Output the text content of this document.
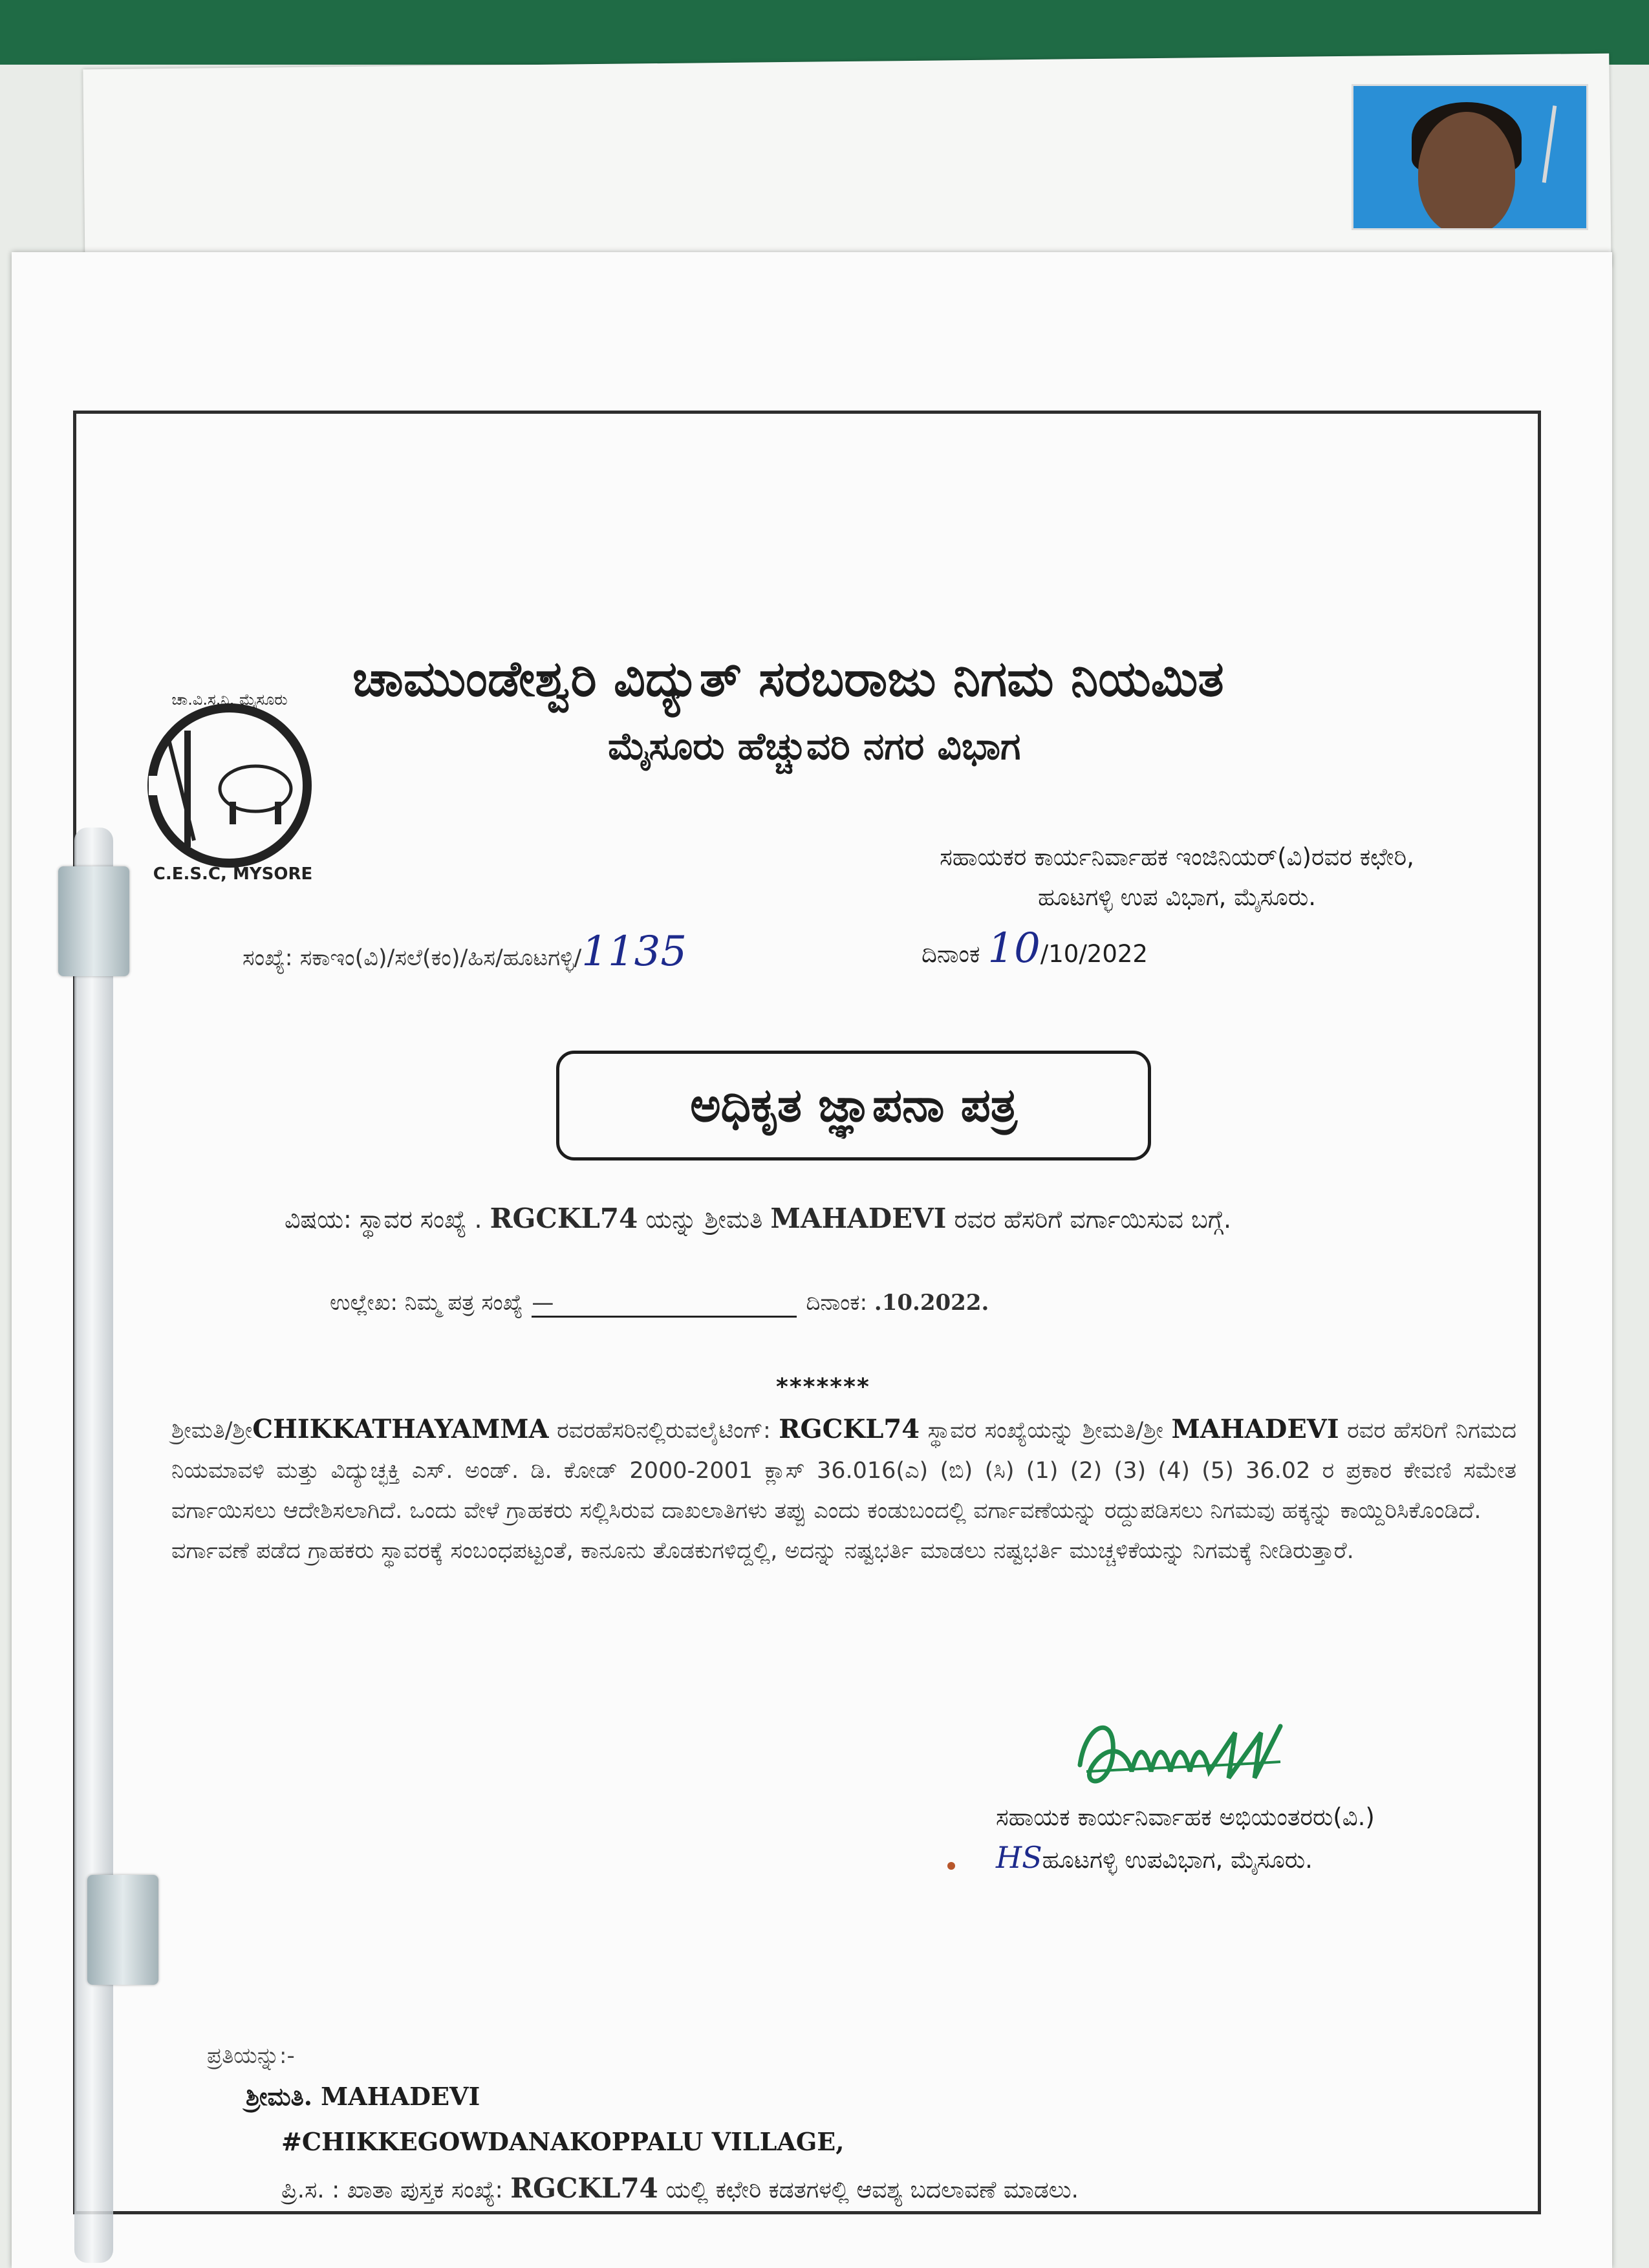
ಚಾ.ವಿ.ಸ.ನಿ. ಮೈಸೂರು
C.E.S.C, MYSORE
ಚಾಮುಂಡೇಶ್ವರಿ ವಿದ್ಯುತ್ ಸರಬರಾಜು ನಿಗಮ ನಿಯಮಿತ
ಮೈಸೂರು ಹೆಚ್ಚುವರಿ ನಗರ ವಿಭಾಗ
ಸಹಾಯಕರ ಕಾರ್ಯನಿರ್ವಾಹಕ ಇಂಜಿನಿಯರ್(ವಿ)ರವರ ಕಛೇರಿ,
ಹೂಟಗಳ್ಳಿ ಉಪ ವಿಭಾಗ, ಮೈಸೂರು.
ಸಂಖ್ಯೆ: ಸಕಾಇಂ(ವಿ)/ಸಲೆ(ಕಂ)/ಹಿಸ/ಹೂಟಗಳ್ಳಿ/1135	ದಿನಾಂಕ 10/10/2022
ಅಧಿಕೃತ ಜ್ಞಾಪನಾ ಪತ್ರ
ವಿಷಯ: ಸ್ಥಾವರ ಸಂಖ್ಯೆ . RGCKL74 ಯನ್ನು ಶ್ರೀಮತಿ MAHADEVI ರವರ ಹೆಸರಿಗೆ ವರ್ಗಾಯಿಸುವ ಬಗ್ಗೆ.
ಉಲ್ಲೇಖ: ನಿಮ್ಮ ಪತ್ರ ಸಂಖ್ಯೆ —	ದಿನಾಂಕ: .10.2022.
*******

ಶ್ರೀಮತಿ/ಶ್ರೀCHIKKATHAYAMMA ರವರಹೆಸರಿನಲ್ಲಿರುವಲೈಟಿಂಗ್: RGCKL74 ಸ್ಥಾವರ ಸಂಖ್ಯೆಯನ್ನು ಶ್ರೀಮತಿ/ಶ್ರೀ MAHADEVI ರವರ ಹೆಸರಿಗೆ ನಿಗಮದ ನಿಯಮಾವಳಿ ಮತ್ತು ವಿದ್ಯುಚ್ಛಕ್ತಿ ಎಸ್. ಅಂಡ್. ಡಿ. ಕೋಡ್ 2000-2001 ಕ್ಲಾಸ್ 36.016(ಎ) (ಬಿ) (ಸಿ) (1) (2) (3) (4) (5) 36.02 ರ ಪ್ರಕಾರ ಕೇವಣಿ ಸಮೇತ ವರ್ಗಾಯಿಸಲು ಆದೇಶಿಸಲಾಗಿದೆ. ಒಂದು ವೇಳೆ ಗ್ರಾಹಕರು ಸಲ್ಲಿಸಿರುವ ದಾಖಲಾತಿಗಳು ತಪ್ಪು ಎಂದು ಕಂಡುಬಂದಲ್ಲಿ ವರ್ಗಾವಣೆಯನ್ನು ರದ್ದುಪಡಿಸಲು ನಿಗಮವು ಹಕ್ಕನ್ನು ಕಾಯ್ದಿರಿಸಿಕೊಂಡಿದೆ.

ವರ್ಗಾವಣೆ ಪಡೆದ ಗ್ರಾಹಕರು ಸ್ಥಾವರಕ್ಕೆ ಸಂಬಂಧಪಟ್ಟಂತೆ, ಕಾನೂನು ತೊಡಕುಗಳಿದ್ದಲ್ಲಿ, ಅದನ್ನು ನಷ್ಟಭರ್ತಿ ಮಾಡಲು ನಷ್ಟಭರ್ತಿ ಮುಚ್ಚಳಿಕೆಯನ್ನು ನಿಗಮಕ್ಕೆ ನೀಡಿರುತ್ತಾರೆ.

ಸಹಾಯಕ ಕಾರ್ಯನಿರ್ವಾಹಕ ಅಭಿಯಂತರರು(ವಿ.)
HSಹೂಟಗಳ್ಳಿ ಉಪವಿಭಾಗ, ಮೈಸೂರು.
ಪ್ರತಿಯನ್ನು:-
ಶ್ರೀಮತಿ. MAHADEVI
#CHIKKEGOWDANAKOPPALU VILLAGE,
ಪ್ರಿ.ಸ. : ಖಾತಾ ಪುಸ್ತಕ ಸಂಖ್ಯೆ: RGCKL74 ಯಲ್ಲಿ ಕಛೇರಿ ಕಡತಗಳಲ್ಲಿ ಆವಶ್ಯ ಬದಲಾವಣೆ ಮಾಡಲು.
